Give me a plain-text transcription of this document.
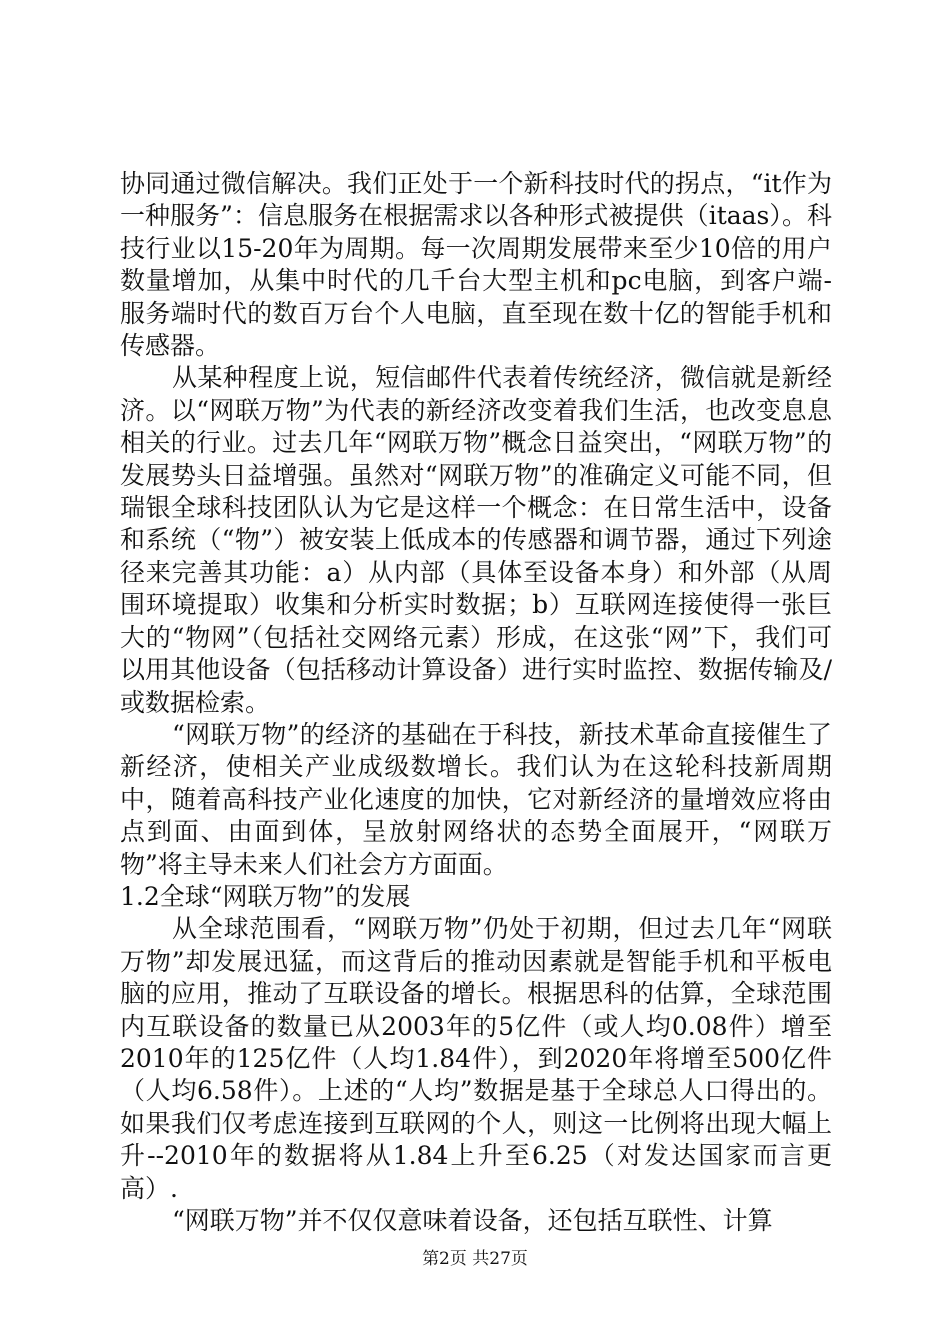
协同通过微信解决。我们正处于一个新科技时代的拐点，“it作为一种服务”：信息服务在根据需求以各种形式被提供（itaas）。科技行业以15-20年为周期。每一次周期发展带来至少10倍的用户数量增加，从集中时代的几千台大型主机和pc电脑，到客户端-服务端时代的数百万台个人电脑，直至现在数十亿的智能手机和传感器。

从某种程度上说，短信邮件代表着传统经济，微信就是新经济。以“网联万物”为代表的新经济改变着我们生活，也改变息息相关的行业。过去几年“网联万物”概念日益突出，“网联万物”的发展势头日益增强。虽然对“网联万物”的准确定义可能不同，但瑞银全球科技团队认为它是这样一个概念：在日常生活中，设备和系统（“物”）被安装上低成本的传感器和调节器，通过下列途径来完善其功能：a）从内部（具体至设备本身）和外部（从周围环境提取）收集和分析实时数据；b）互联网连接使得一张巨大的“物网”（包括社交网络元素）形成，在这张“网”下，我们可以用其他设备（包括移动计算设备）进行实时监控、数据传输及/或数据检索。

“网联万物”的经济的基础在于科技，新技术革命直接催生了新经济，使相关产业成级数增长。我们认为在这轮科技新周期中，随着高科技产业化速度的加快，它对新经济的量增效应将由点到面、由面到体，呈放射网络状的态势全面展开，“网联万物”将主导未来人们社会方方面面。

1.2全球“网联万物”的发展

从全球范围看，“网联万物”仍处于初期，但过去几年“网联万物”却发展迅猛，而这背后的推动因素就是智能手机和平板电脑的应用，推动了互联设备的增长。根据思科的估算，全球范围内互联设备的数量已从2003年的5亿件（或人均0.08件）增至2010年的125亿件（人均1.84件），到2020年将增至500亿件（人均6.58件）。上述的“人均”数据是基于全球总人口得出的。如果我们仅考虑连接到互联网的个人，则这一比例将出现大幅上升--2010年的数据将从1.84上升至6.25（对发达国家而言更高）.

“网联万物”并不仅仅意味着设备，还包括互联性、计算

第2页 共27页
